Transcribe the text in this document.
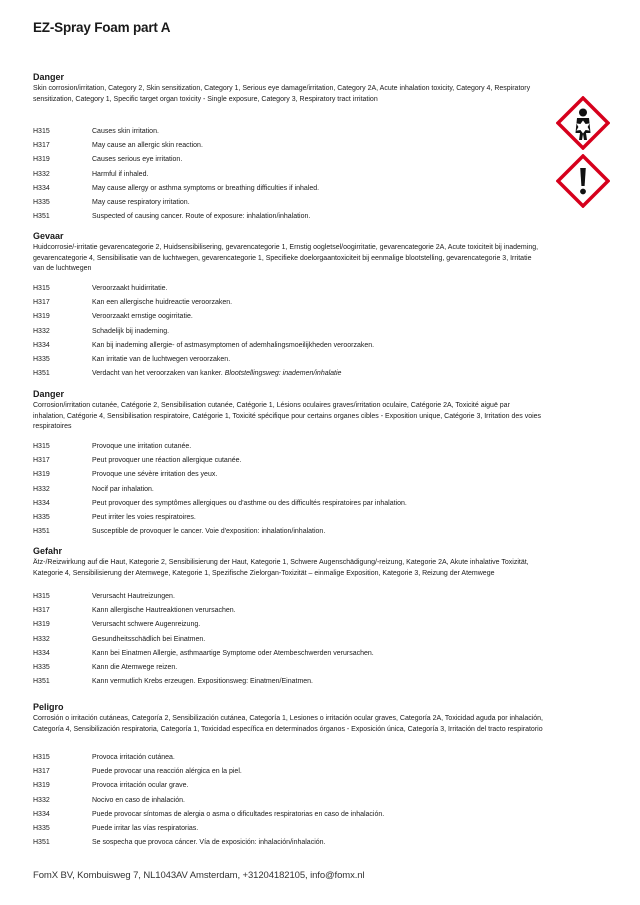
EZ-Spray Foam part A
Danger

Skin corrosion/irritation, Category 2, Skin sensitization, Category 1, Serious eye damage/irritation, Category 2A, Acute inhalation toxicity, Category 4, Respiratory sensitization, Category 1, Specific target organ toxicity - Single exposure, Category 3, Respiratory tract irritation

H315	Causes skin irritation.
H317	May cause an allergic skin reaction.
H319	Causes serious eye irritation.
H332	Harmful if inhaled.
H334	May cause allergy or asthma symptoms or breathing difficulties if inhaled.
H335	May cause respiratory irritation.
H351	Suspected of causing cancer. Route of exposure: inhalation/inhalation.
Gevaar

Huidcorrosie/-irritatie gevarencategorie 2, Huidsensibilisering, gevarencategorie 1, Ernstig oogletsel/oogirritatie, gevarencategorie 2A, Acute toxiciteit bij inademing, gevarencategorie 4, Sensibilisatie van de luchtwegen, gevarencategorie 1, Specifieke doelorgaantoxiciteit bij eenmalige blootstelling, gevarencategorie 3, Irritatie van de luchtwegen

H315	Veroorzaakt huidirritatie.
H317	Kan een allergische huidreactie veroorzaken.
H319	Veroorzaakt ernstige oogirritatie.
H332	Schadelijk bij inademing.
H334	Kan bij inademing allergie- of astmasymptomen of ademhalingsmoeilijkheden veroorzaken.
H335	Kan irritatie van de luchtwegen veroorzaken.
H351	Verdacht van het veroorzaken van kanker. Blootstellingsweg: inademen/inhalatie
Danger

Corrosion/irritation cutanée, Catégorie 2, Sensibilisation cutanée, Catégorie 1, Lésions oculaires graves/irritation oculaire, Catégorie 2A, Toxicité aiguë par inhalation, Catégorie 4, Sensibilisation respiratoire, Catégorie 1, Toxicité spécifique pour certains organes cibles - Exposition unique, Catégorie 3, Irritation des voies respiratoires

H315	Provoque une irritation cutanée.
H317	Peut provoquer une réaction allergique cutanée.
H319	Provoque une sévère irritation des yeux.
H332	Nocif par inhalation.
H334	Peut provoquer des symptômes allergiques ou d'asthme ou des difficultés respiratoires par inhalation.
H335	Peut irriter les voies respiratoires.
H351	Susceptible de provoquer le cancer. Voie d'exposition: inhalation/inhalation.
Gefahr

Ätz-/Reizwirkung auf die Haut, Kategorie 2, Sensibilisierung der Haut, Kategorie 1, Schwere Augenschädigung/-reizung, Kategorie 2A, Akute inhalative Toxizität, Kategorie 4, Sensibilisierung der Atemwege, Kategorie 1, Spezifische Zielorgan-Toxizität – einmalige Exposition, Kategorie 3, Reizung der Atemwege

H315	Verursacht Hautreizungen.
H317	Kann allergische Hautreaktionen verursachen.
H319	Verursacht schwere Augenreizung.
H332	Gesundheitsschädlich bei Einatmen.
H334	Kann bei Einatmen Allergie, asthmaartige Symptome oder Atembeschwerden verursachen.
H335	Kann die Atemwege reizen.
H351	Kann vermutlich Krebs erzeugen. Expositionsweg: Einatmen/Einatmen.
Peligro

Corrosión o irritación cutáneas, Categoría 2, Sensibilización cutánea, Categoría 1, Lesiones o irritación ocular graves, Categoría 2A, Toxicidad aguda por inhalación, Categoría 4, Sensibilización respiratoria, Categoría 1, Toxicidad específica en determinados órganos - Exposición única, Categoría 3, Irritación del tracto respiratorio

H315	Provoca irritación cutánea.
H317	Puede provocar una reacción alérgica en la piel.
H319	Provoca irritación ocular grave.
H332	Nocivo en caso de inhalación.
H334	Puede provocar síntomas de alergia o asma o dificultades respiratorias en caso de inhalación.
H335	Puede irritar las vías respiratorias.
H351	Se sospecha que provoca cáncer. Vía de exposición: inhalación/inhalación.
FomX BV, Kombuisweg 7, NL1043AV Amsterdam, +31204182105, info@fomx.nl
